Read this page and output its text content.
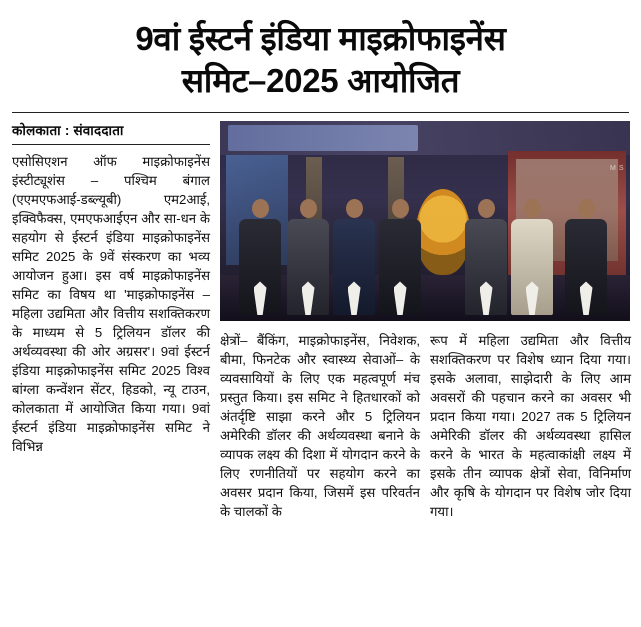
9वां ईस्टर्न इंडिया माइक्रोफाइनेंस
समिट–2025 आयोजित
कोलकाता : संवाददाता

एसोसिएशन ऑफ माइक्रोफाइनेंस इंस्टीट्यूशंस – पश्चिम बंगाल (एएमएफआई-डब्ल्यूबी) एम2आई, इक्विफैक्स, एमएफआईएन और सा-धन के सहयोग से ईस्टर्न इंडिया माइक्रोफाइनेंस समिट 2025 के 9वें संस्करण का भव्य आयोजन हुआ। इस वर्ष माइक्रोफाइनेंस समिट का विषय था 'माइक्रोफाइनेंस – महिला उद्यमिता और वित्तीय सशक्तिकरण के माध्यम से 5 ट्रिलियन डॉलर की अर्थव्यवस्था की ओर अग्रसर'। 9वां ईस्टर्न इंडिया माइक्रोफाइनेंस समिट 2025 विश्व बांग्ला कन्वेंशन सेंटर, हिडको, न्यू टाउन, कोलकाता में आयोजित किया गया। 9वां ईस्टर्न इंडिया माइक्रोफाइनेंस समिट ने विभिन्न

M S

क्षेत्रों– बैंकिंग, माइक्रोफाइनेंस, निवेशक, बीमा, फिनटेक और स्वास्थ्य सेवाओं– के व्यवसायियों के लिए एक महत्वपूर्ण मंच प्रस्तुत किया। इस समिट ने हितधारकों को अंतर्दृष्टि साझा करने और 5 ट्रिलियन अमेरिकी डॉलर की अर्थव्यवस्था बनाने के व्यापक लक्ष्य की दिशा में योगदान करने के लिए रणनीतियों पर सहयोग करने का अवसर प्रदान किया, जिसमें इस परिवर्तन के चालकों के

रूप में महिला उद्यमिता और वित्तीय सशक्तिकरण पर विशेष ध्यान दिया गया। इसके अलावा, साझेदारी के लिए आम अवसरों की पहचान करने का अवसर भी प्रदान किया गया। 2027 तक 5 ट्रिलियन अमेरिकी डॉलर की अर्थव्यवस्था हासिल करने के भारत के महत्वाकांक्षी लक्ष्य में इसके तीन व्यापक क्षेत्रों सेवा, विनिर्माण और कृषि के योगदान पर विशेष जोर दिया गया।
